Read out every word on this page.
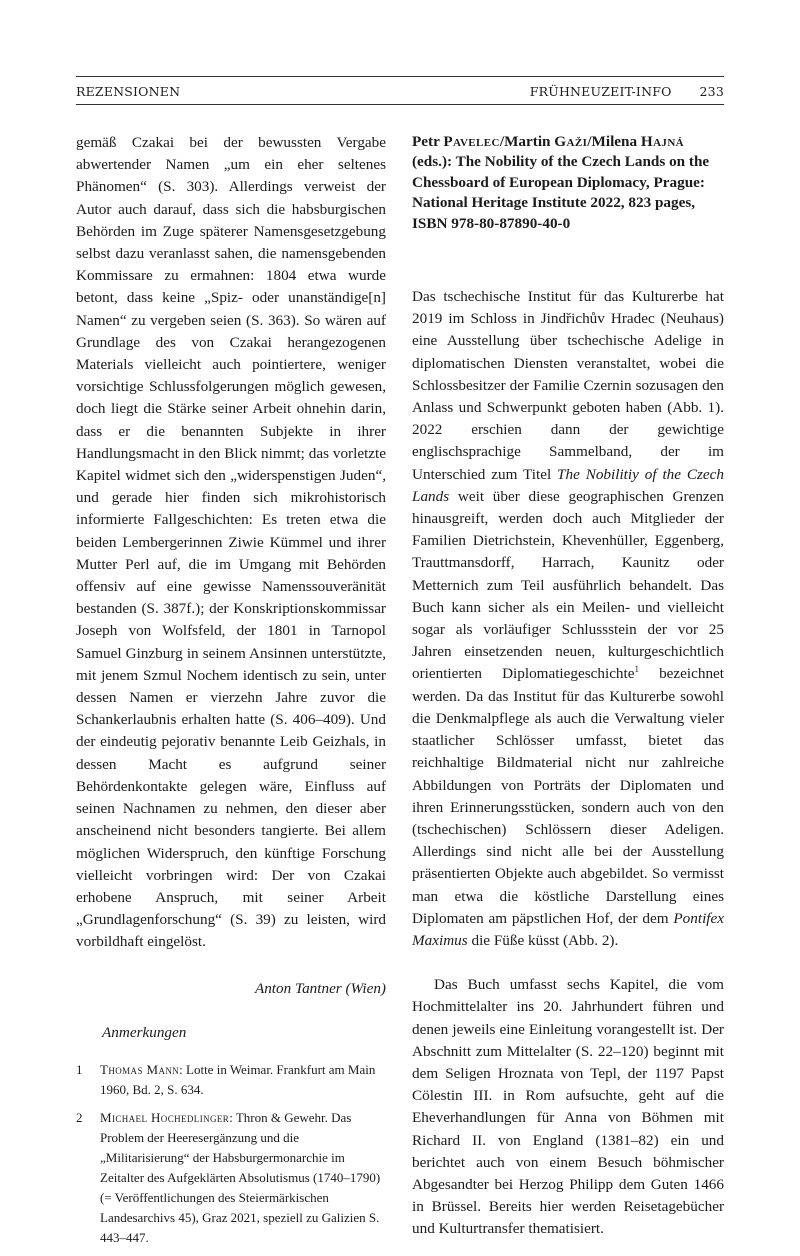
REZENSIONEN	FRÜHNEUZEIT-INFO 233

gemäß Czakai bei der bewussten Vergabe abwertender Namen „um ein eher seltenes Phänomen“ (S. 303). Allerdings verweist der Autor auch darauf, dass sich die habsburgischen Behörden im Zuge späterer Namensgesetzgebung selbst dazu veranlasst sahen, die namensgebenden Kommissare zu ermahnen: 1804 etwa wurde betont, dass keine „Spiz- oder unanständige[n] Namen“ zu vergeben seien (S. 363). So wären auf Grundlage des von Czakai herangezogenen Materials vielleicht auch pointiertere, weniger vorsichtige Schlussfolgerungen möglich gewesen, doch liegt die Stärke seiner Arbeit ohnehin darin, dass er die benannten Subjekte in ihrer Handlungsmacht in den Blick nimmt; das vorletzte Kapitel widmet sich den „widerspenstigen Juden“, und gerade hier finden sich mikrohistorisch informierte Fallgeschichten: Es treten etwa die beiden Lembergerinnen Ziwie Kümmel und ihrer Mutter Perl auf, die im Umgang mit Behörden offensiv auf eine gewisse Namenssouveränität bestanden (S. 387f.); der Konskriptionskommissar Joseph von Wolfsfeld, der 1801 in Tarnopol Samuel Ginzburg in seinem Ansinnen unterstützte, mit jenem Szmul Nochem identisch zu sein, unter dessen Namen er vierzehn Jahre zuvor die Schankerlaubnis erhalten hatte (S. 406–409). Und der eindeutig pejorativ benannte Leib Geizhals, in dessen Macht es aufgrund seiner Behördenkontakte gelegen wäre, Einfluss auf seinen Nachnamen zu nehmen, den dieser aber anscheinend nicht besonders tangierte. Bei allem möglichen Widerspruch, den künftige Forschung vielleicht vorbringen wird: Der von Czakai erhobene Anspruch, mit seiner Arbeit „Grundlagenforschung“ (S. 39) zu leisten, wird vorbildhaft eingelöst.

Anton Tantner (Wien)
Anmerkungen
1	Thomas Mann: Lotte in Weimar. Frankfurt am Main 1960, Bd. 2, S. 634.
2	Michael Hochedlinger: Thron & Gewehr. Das Problem der Heeresergänzung und die „Militarisierung“ der Habsburgermonarchie im Zeitalter des Aufgeklärten Absolutismus (1740–1790) (= Veröffentlichungen des Steiermärkischen Landesarchivs 45), Graz 2021, speziell zu Galizien S. 443–447.
Petr Pavelec/Martin Gaži/Milena Hajná (eds.): The Nobility of the Czech Lands on the Chessboard of European Diplomacy, Prague: National Heritage Institute 2022, 823 pages, ISBN 978-80-87890-40-0

Das tschechische Institut für das Kulturerbe hat 2019 im Schloss in Jindřichův Hradec (Neuhaus) eine Ausstellung über tschechische Adelige in diplomatischen Diensten veranstaltet, wobei die Schlossbesitzer der Familie Czernin sozusagen den Anlass und Schwerpunkt geboten haben (Abb. 1). 2022 erschien dann der gewichtige englischsprachige Sammelband, der im Unterschied zum Titel The Nobilitiy of the Czech Lands weit über diese geographischen Grenzen hinausgreift, werden doch auch Mitglieder der Familien Dietrichstein, Khevenhüller, Eggenberg, Trauttmansdorff, Harrach, Kaunitz oder Metternich zum Teil ausführlich behandelt. Das Buch kann sicher als ein Meilen- und vielleicht sogar als vorläufiger Schlussstein der vor 25 Jahren einsetzenden neuen, kulturgeschichtlich orientierten Diplomatiegeschichte$^1$ bezeichnet werden. Da das Institut für das Kulturerbe sowohl die Denkmalpflege als auch die Verwaltung vieler staatlicher Schlösser umfasst, bietet das reichhaltige Bildmaterial nicht nur zahlreiche Abbildungen von Porträts der Diplomaten und ihren Erinnerungsstücken, sondern auch von den (tschechischen) Schlössern dieser Adeligen. Allerdings sind nicht alle bei der Ausstellung präsentierten Objekte auch abgebildet. So vermisst man etwa die köstliche Darstellung eines Diplomaten am päpstlichen Hof, der dem Pontifex Maximus die Füße küsst (Abb. 2).

Das Buch umfasst sechs Kapitel, die vom Hochmittelalter ins 20. Jahrhundert führen und denen jeweils eine Einleitung vorangestellt ist. Der Abschnitt zum Mittelalter (S. 22–120) beginnt mit dem Seligen Hroznata von Tepl, der 1197 Papst Cölestin III. in Rom aufsuchte, geht auf die Eheverhandlungen für Anna von Böhmen mit Richard II. von England (1381–82) ein und berichtet auch von einem Besuch böhmischer Abgesandter bei Herzog Philipp dem Guten 1466 in Brüssel. Bereits hier werden Reisetagebücher und Kulturtransfer thematisiert.
